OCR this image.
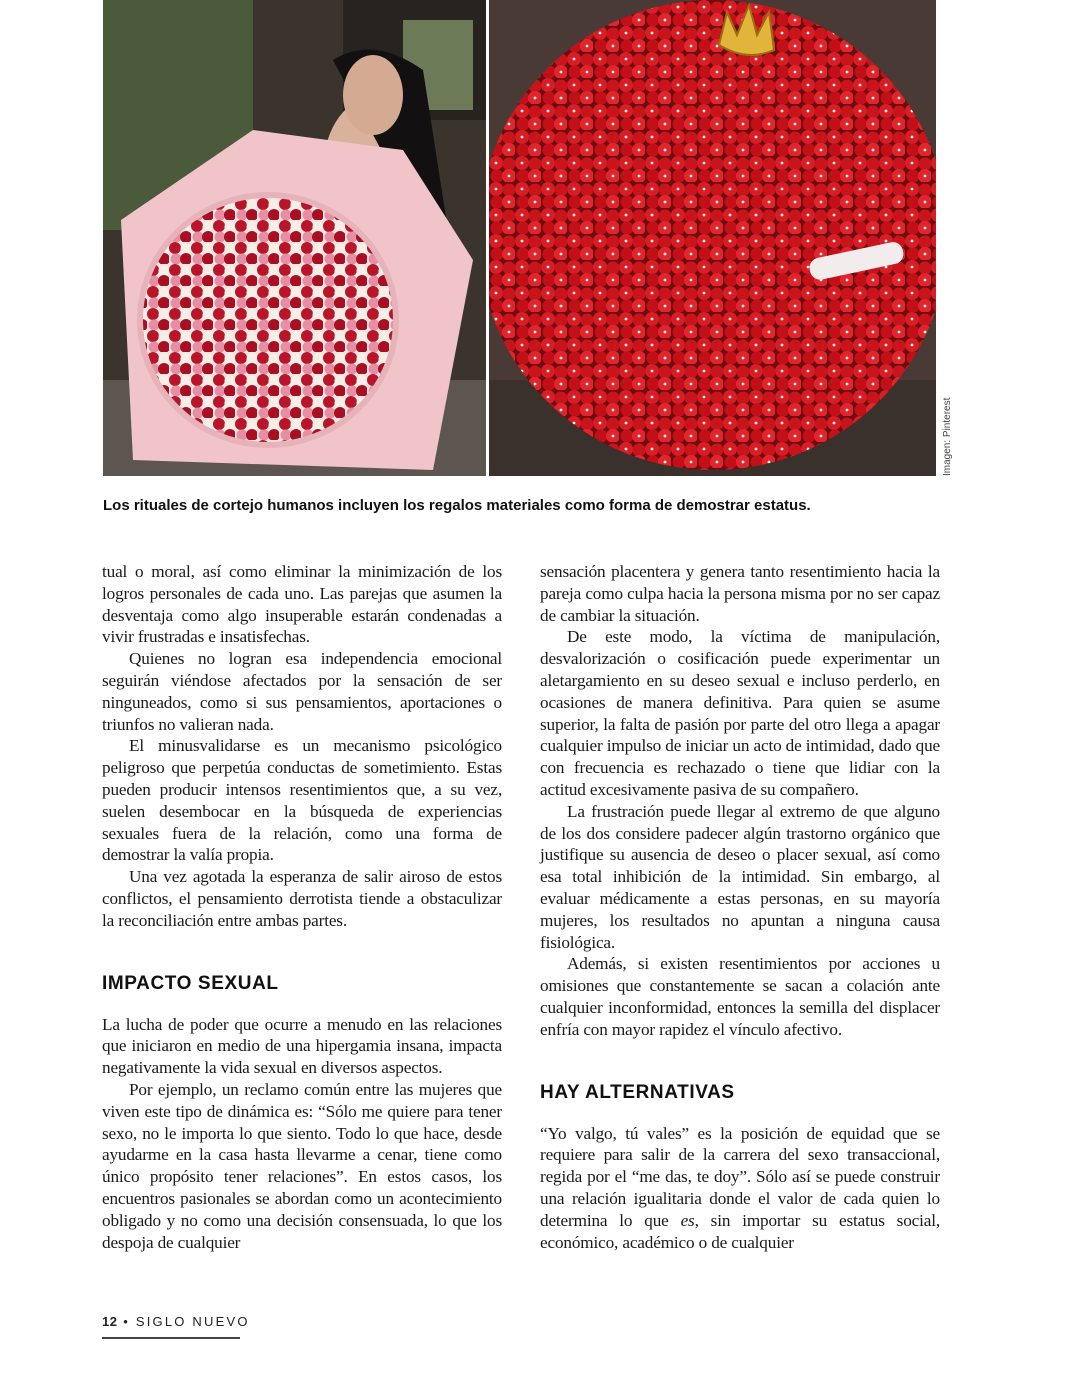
Imagen: Pinterest
Los rituales de cortejo humanos incluyen los regalos materiales como forma de demostrar estatus.

tual o moral, así como eliminar la minimización de los logros personales de cada uno. Las parejas que asumen la desventaja como algo insuperable estarán condenadas a vivir frustradas e insatisfechas.

Quienes no logran esa independencia emocional seguirán viéndose afectados por la sensación de ser ninguneados, como si sus pensamientos, aportaciones o triunfos no valieran nada.

El minusvalidarse es un mecanismo psicológico peligroso que perpetúa conductas de sometimiento. Estas pueden producir intensos resentimientos que, a su vez, suelen desembocar en la búsqueda de experiencias sexuales fuera de la relación, como una forma de demostrar la valía propia.

Una vez agotada la esperanza de salir airoso de estos conflictos, el pensamiento derrotista tiende a obstaculizar la reconciliación entre ambas partes.

IMPACTO SEXUAL

La lucha de poder que ocurre a menudo en las relaciones que iniciaron en medio de una hipergamia insana, impacta negativamente la vida sexual en diversos aspectos.

Por ejemplo, un reclamo común entre las mujeres que viven este tipo de dinámica es: “Sólo me quiere para tener sexo, no le importa lo que siento. Todo lo que hace, desde ayudarme en la casa hasta llevarme a cenar, tiene como único propósito tener relaciones”. En estos casos, los encuentros pasionales se abordan como un acontecimiento obligado y no como una decisión consensuada, lo que los despoja de cualquier

sensación placentera y genera tanto resentimiento hacia la pareja como culpa hacia la persona misma por no ser capaz de cambiar la situación.

De este modo, la víctima de manipulación, desvalorización o cosificación puede experimentar un aletargamiento en su deseo sexual e incluso perderlo, en ocasiones de manera definitiva. Para quien se asume superior, la falta de pasión por parte del otro llega a apagar cualquier impulso de iniciar un acto de intimidad, dado que con frecuencia es rechazado o tiene que lidiar con la actitud excesivamente pasiva de su compañero.

La frustración puede llegar al extremo de que alguno de los dos considere padecer algún trastorno orgánico que justifique su ausencia de deseo o placer sexual, así como esa total inhibición de la intimidad. Sin embargo, al evaluar médicamente a estas personas, en su mayoría mujeres, los resultados no apuntan a ninguna causa fisiológica.

Además, si existen resentimientos por acciones u omisiones que constantemente se sacan a colación ante cualquier inconformidad, entonces la semilla del displacer enfría con mayor rapidez el vínculo afectivo.

HAY ALTERNATIVAS

“Yo valgo, tú vales” es la posición de equidad que se requiere para salir de la carrera del sexo transaccional, regida por el “me das, te doy”. Sólo así se puede construir una relación igualitaria donde el valor de cada quien lo determina lo que es, sin importar su estatus social, económico, académico o de cualquier

12 • SIGLO NUEVO
